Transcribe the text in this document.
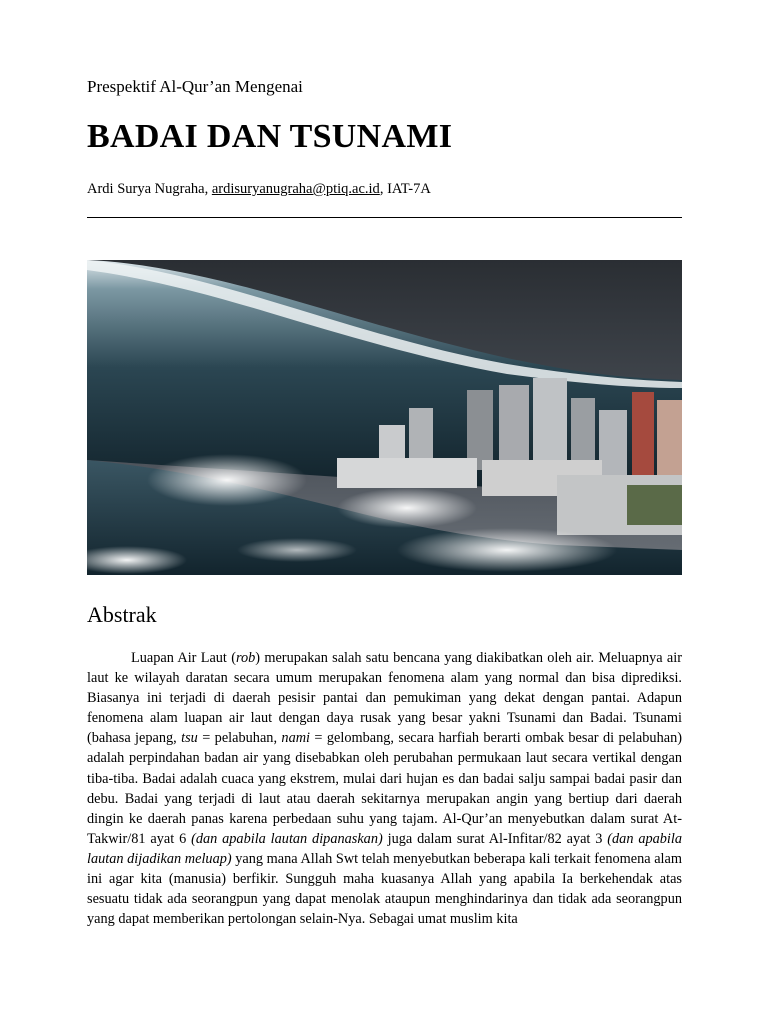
Prespektif Al-Qur’an Mengenai
BADAI DAN TSUNAMI
Ardi Surya Nugraha, ardisuryanugraha@ptiq.ac.id, IAT-7A
Abstrak

Luapan Air Laut (rob) merupakan salah satu bencana yang diakibatkan oleh air. Meluapnya air laut ke wilayah daratan secara umum merupakan fenomena alam yang normal dan bisa diprediksi. Biasanya ini terjadi di daerah pesisir pantai dan pemukiman yang dekat dengan pantai. Adapun fenomena alam luapan air laut dengan daya rusak yang besar yakni Tsunami dan Badai. Tsunami (bahasa jepang, tsu = pelabuhan, nami = gelombang, secara harfiah berarti ombak besar di pelabuhan) adalah perpindahan badan air yang disebabkan oleh perubahan permukaan laut secara vertikal dengan tiba-tiba. Badai adalah cuaca yang ekstrem, mulai dari hujan es dan badai salju sampai badai pasir dan debu. Badai yang terjadi di laut atau daerah sekitarnya merupakan angin yang bertiup dari daerah dingin ke daerah panas karena perbedaan suhu yang tajam. Al-Qur’an menyebutkan dalam surat At-Takwir/81 ayat 6 (dan apabila lautan dipanaskan) juga dalam surat Al-Infitar/82 ayat 3 (dan apabila lautan dijadikan meluap) yang mana Allah Swt telah menyebutkan beberapa kali terkait fenomena alam ini agar kita (manusia) berfikir. Sungguh maha kuasanya Allah yang apabila Ia berkehendak atas sesuatu tidak ada seorangpun yang dapat menolak ataupun menghindarinya dan tidak ada seorangpun yang dapat memberikan pertolongan selain-Nya. Sebagai umat muslim kita
